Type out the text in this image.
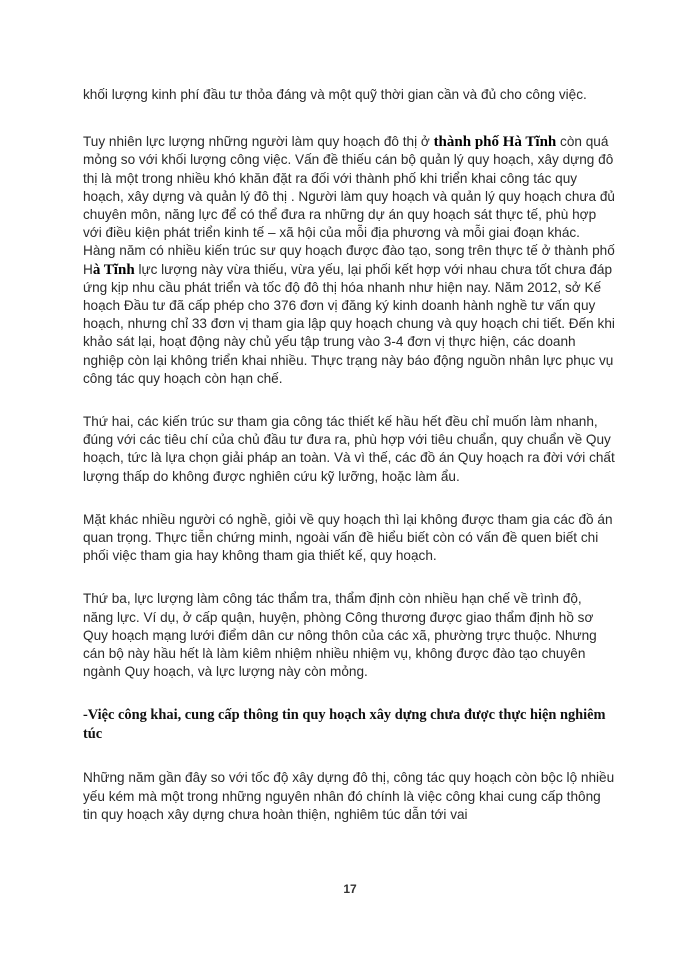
khối lượng kinh phí đầu tư thỏa đáng và một quỹ thời gian cần và đủ cho công việc.

Tuy nhiên lực lượng những người làm quy hoạch đô thị ở thành phố Hà Tĩnh còn quá mỏng so với khối lượng công việc. Vấn đề thiếu cán bộ quản lý quy hoạch, xây dựng đô thị là một trong nhiều khó khăn đặt ra đối với thành phố khi triển khai công tác quy hoạch, xây dựng và quản lý đô thị . Người làm quy hoạch và quản lý quy hoạch chưa đủ chuyên môn, năng lực để có thể đưa ra những dự án quy hoạch sát thực tế, phù hợp với điều kiện phát triển kinh tế – xã hội của mỗi địa phương và mỗi giai đoạn khác. Hàng năm có nhiều kiến trúc sư quy hoạch được đào tạo, song trên thực tế ở thành phố Hà Tĩnh lực lượng này vừa thiếu, vừa yếu, lại phối kết hợp với nhau chưa tốt chưa đáp ứng kịp nhu cầu phát triển và tốc độ đô thị hóa nhanh như hiện nay. Năm 2012, sở Kế hoạch Đầu tư đã cấp phép cho 376 đơn vị đăng ký kinh doanh hành nghề tư vấn quy hoạch, nhưng chỉ 33 đơn vị tham gia lập quy hoạch chung và quy hoạch chi tiết. Đến khi khảo sát lại, hoạt động này chủ yếu tập trung vào 3-4 đơn vị thực hiện, các doanh nghiệp còn lại không triển khai nhiều. Thực trạng này báo động nguồn nhân lực phục vụ công tác quy hoạch còn hạn chế.

Thứ hai, các kiến trúc sư tham gia công tác thiết kế hầu hết đều chỉ muốn làm nhanh, đúng với các tiêu chí của chủ đầu tư đưa ra, phù hợp với tiêu chuẩn, quy chuẩn về Quy hoạch, tức là lựa chọn giải pháp an toàn. Và vì thế, các đồ án Quy hoạch ra đời với chất lượng thấp do không được nghiên cứu kỹ lưỡng, hoặc làm ẩu.

Mặt khác nhiều người có nghề, giỏi về quy hoạch thì lại không được tham gia các đồ án quan trọng. Thực tiễn chứng minh, ngoài vấn đề hiểu biết còn có vấn đề quen biết chi phối việc tham gia hay không tham gia thiết kế, quy hoạch.

Thứ ba, lực lượng làm công tác thẩm tra, thẩm định còn nhiều hạn chế về trình độ, năng lực. Ví dụ, ở cấp quận, huyện, phòng Công thương được giao thẩm định hồ sơ Quy hoạch mạng lưới điểm dân cư nông thôn của các xã, phường trực thuộc. Nhưng cán bộ này hầu hết là làm kiêm nhiệm nhiều nhiệm vụ, không được đào tạo chuyên ngành Quy hoạch, và lực lượng này còn mỏng.

-Việc công khai, cung cấp thông tin quy hoạch xây dựng chưa được thực hiện nghiêm túc

Những năm gần đây so với tốc độ xây dựng đô thị, công tác quy hoạch còn bộc lộ nhiều yếu kém mà một trong những nguyên nhân đó chính là việc công khai cung cấp thông tin quy hoạch xây dựng chưa hoàn thiện, nghiêm túc dẫn tới vai

17
